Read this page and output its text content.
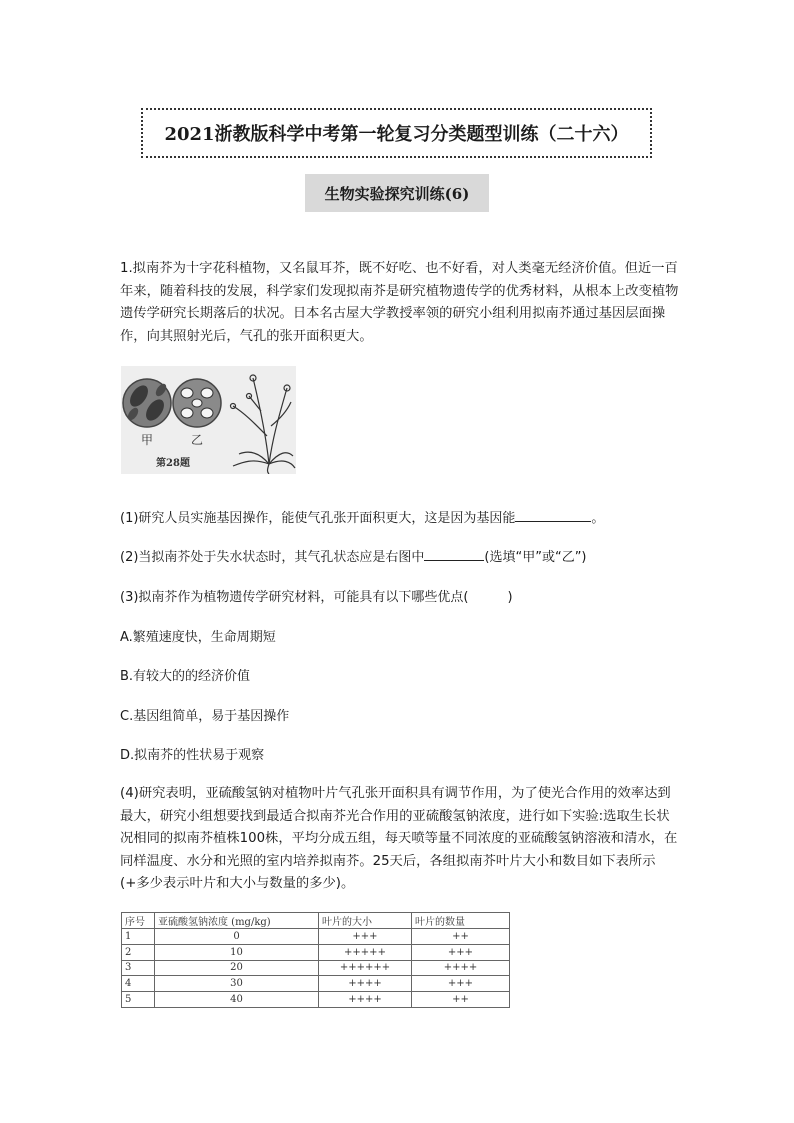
2021浙教版科学中考第一轮复习分类题型训练（二十六）
生物实验探究训练(6)

1.拟南芥为十字花科植物，又名鼠耳芥，既不好吃、也不好看，对人类毫无经济价值。但近一百年来，随着科技的发展，科学家们发现拟南芥是研究植物遗传学的优秀材料，从根本上改变植物遗传学研究长期落后的状况。日本名古屋大学教授率领的研究小组利用拟南芥通过基因层面操作，向其照射光后，气孔的张开面积更大。

甲	乙
第28题

(1)研究人员实施基因操作，能使气孔张开面积更大，这是因为基因能	。

(2)当拟南芥处于失水状态时，其气孔状态应是右图中	(选填“甲”或“乙”)

(3)拟南芥作为植物遗传学研究材料，可能具有以下哪些优点(　　　)

A.繁殖速度快，生命周期短

B.有较大的的经济价值

C.基因组简单，易于基因操作

D.拟南芥的性状易于观察

(4)研究表明，亚硫酸氢钠对植物叶片气孔张开面积具有调节作用，为了使光合作用的效率达到最大，研究小组想要找到最适合拟南芥光合作用的亚硫酸氢钠浓度，进行如下实验:选取生长状况相同的拟南芥植株100株，平均分成五组，每天喷等量不同浓度的亚硫酸氢钠溶液和清水，在同样温度、水分和光照的室内培养拟南芥。25天后，各组拟南芥叶片大小和数目如下表所示(+多少表示叶片和大小与数量的多少)。

序号	亚硫酸氢钠浓度 (mg/kg)	叶片的大小	叶片的数量
1	0	+++	++
2	10	+++++	+++
3	20	++++++	++++
4	30	++++	+++
5	40	++++	++
